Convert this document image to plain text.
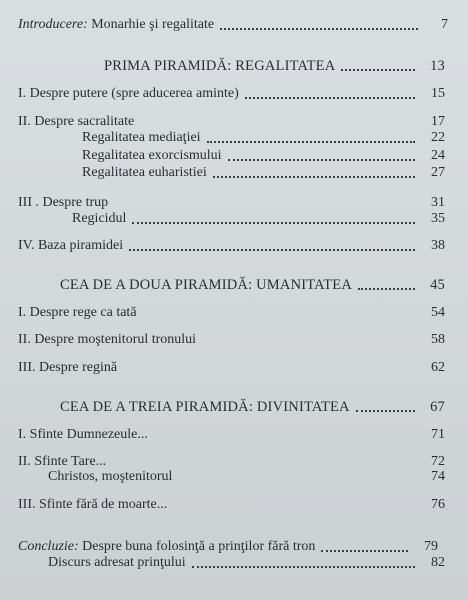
Introducere: Monarhie şi regalitate	7
PRIMA PIRAMIDĂ: REGALITATEA	13
I. Despre putere (spre aducerea aminte)	15
II. Despre sacralitate	17
Regalitatea mediaţiei	22
Regalitatea exorcismului	24
Regalitatea euharistiei	27
III . Despre trup	31
Regicidul	35
IV. Baza piramidei	38
CEA DE A DOUA PIRAMIDĂ: UMANITATEA	45
I. Despre rege ca tată	54
II. Despre moştenitorul tronului	58
III. Despre regină	62
CEA DE A TREIA PIRAMIDĂ: DIVINITATEA	67
I. Sfinte Dumnezeule...	71
II. Sfinte Tare...	72
Christos, moştenitorul	74
III. Sfinte fără de moarte...	76
Concluzie: Despre buna folosinţă a prinţilor fără tron	79
Discurs adresat prinţului	82
